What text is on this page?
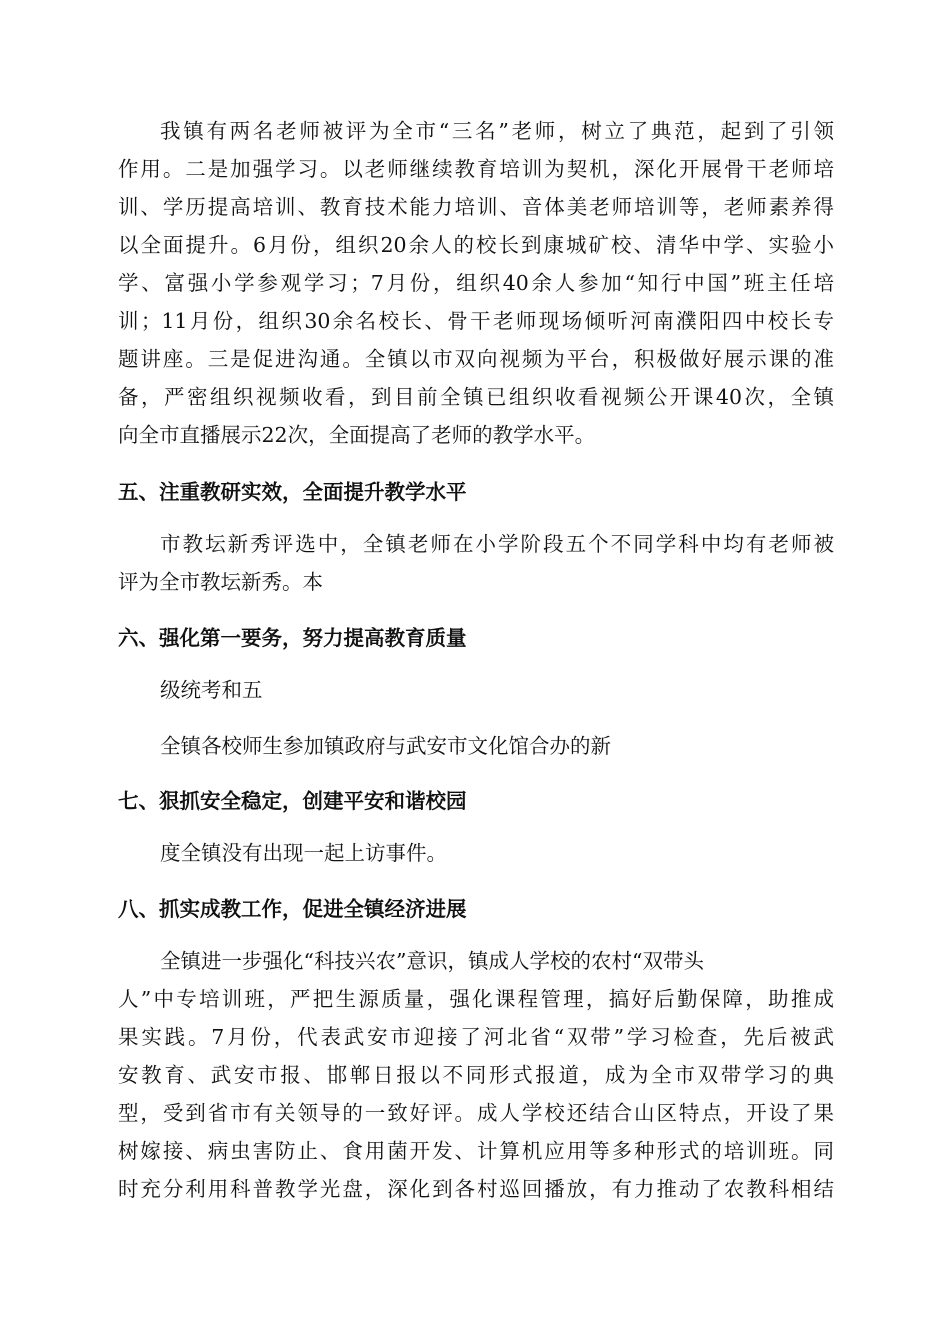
我镇有两名老师被评为全市“三名”老师，树立了典范，起到了引领
作用。二是加强学习。以老师继续教育培训为契机，深化开展骨干老师培
训、学历提高培训、教育技术能力培训、音体美老师培训等，老师素养得
以全面提升。6月份，组织20余人的校长到康城矿校、清华中学、实验小
学、富强小学参观学习；7月份，组织40余人参加“知行中国”班主任培
训；11月份，组织30余名校长、骨干老师现场倾听河南濮阳四中校长专
题讲座。三是促进沟通。全镇以市双向视频为平台，积极做好展示课的准
备，严密组织视频收看，到目前全镇已组织收看视频公开课40次，全镇
向全市直播展示22次，全面提高了老师的教学水平。
五、注重教研实效，全面提升教学水平
市教坛新秀评选中，全镇老师在小学阶段五个不同学科中均有老师被
评为全市教坛新秀。本
六、强化第一要务，努力提高教育质量
级统考和五
全镇各校师生参加镇政府与武安市文化馆合办的新
七、狠抓安全稳定，创建平安和谐校园
度全镇没有出现一起上访事件。
八、抓实成教工作，促进全镇经济进展
全镇进一步强化“科技兴农”意识，镇成人学校的农村“双带头
人”中专培训班，严把生源质量，强化课程管理，搞好后勤保障，助推成
果实践。7月份，代表武安市迎接了河北省“双带”学习检查，先后被武
安教育、武安市报、邯郸日报以不同形式报道，成为全市双带学习的典
型，受到省市有关领导的一致好评。成人学校还结合山区特点，开设了果
树嫁接、病虫害防止、食用菌开发、计算机应用等多种形式的培训班。同
时充分利用科普教学光盘，深化到各村巡回播放，有力推动了农教科相结
